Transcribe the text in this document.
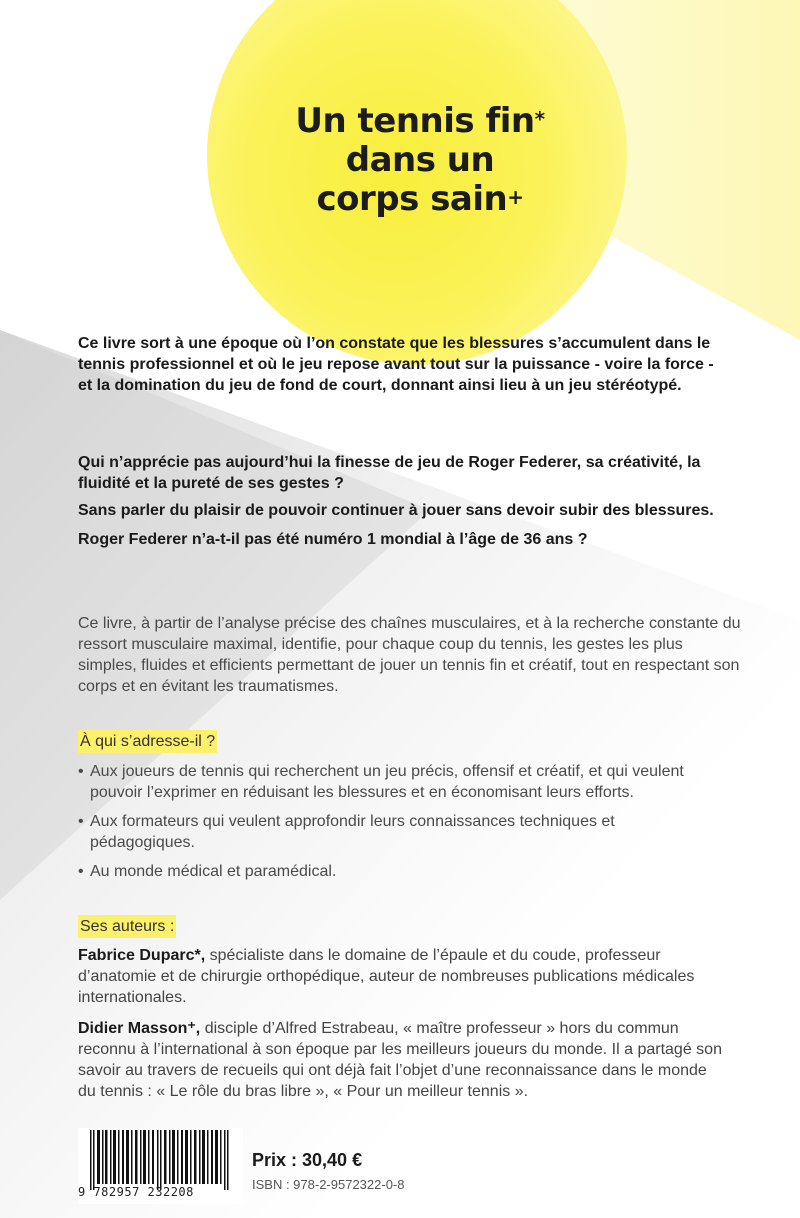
Un tennis fin*
dans un
corps sain+

Ce livre sort à une époque où l’on constate que les blessures s’accumulent dans le tennis professionnel et où le jeu repose avant tout sur la puissance - voire la force - et la domination du jeu de fond de court, donnant ainsi lieu à un jeu stéréotypé.

Qui n’apprécie pas aujourd’hui la finesse de jeu de Roger Federer, sa créativité, la fluidité et la pureté de ses gestes ?

Sans parler du plaisir de pouvoir continuer à jouer sans devoir subir des blessures.

Roger Federer n’a-t-il pas été numéro 1 mondial à l’âge de 36 ans ?

Ce livre, à partir de l’analyse précise des chaînes musculaires, et à la recherche constante du ressort musculaire maximal, identifie, pour chaque coup du tennis, les gestes les plus simples, fluides et efficients permettant de jouer un tennis fin et créatif, tout en respectant son corps et en évitant les traumatismes.

À qui s’adresse-il ?

• Aux joueurs de tennis qui recherchent un jeu précis, offensif et créatif, et qui veulent pouvoir l’exprimer en réduisant les blessures et en économisant leurs efforts.

• Aux formateurs qui veulent approfondir leurs connaissances techniques et pédagogiques.

• Au monde médical et paramédical.

Ses auteurs :

Fabrice Duparc*, spécialiste dans le domaine de l’épaule et du coude, professeur d’anatomie et de chirurgie orthopédique, auteur de nombreuses publications médicales internationales.

Didier Masson⁺, disciple d’Alfred Estrabeau, « maître professeur » hors du commun reconnu à l’international à son époque par les meilleurs joueurs du monde. Il a partagé son savoir au travers de recueils qui ont déjà fait l’objet d’une reconnaissance dans le monde du tennis : « Le rôle du bras libre », « Pour un meilleur tennis ».

9 782957 232208
Prix : 30,40 €
ISBN : 978-2-9572322-0-8
